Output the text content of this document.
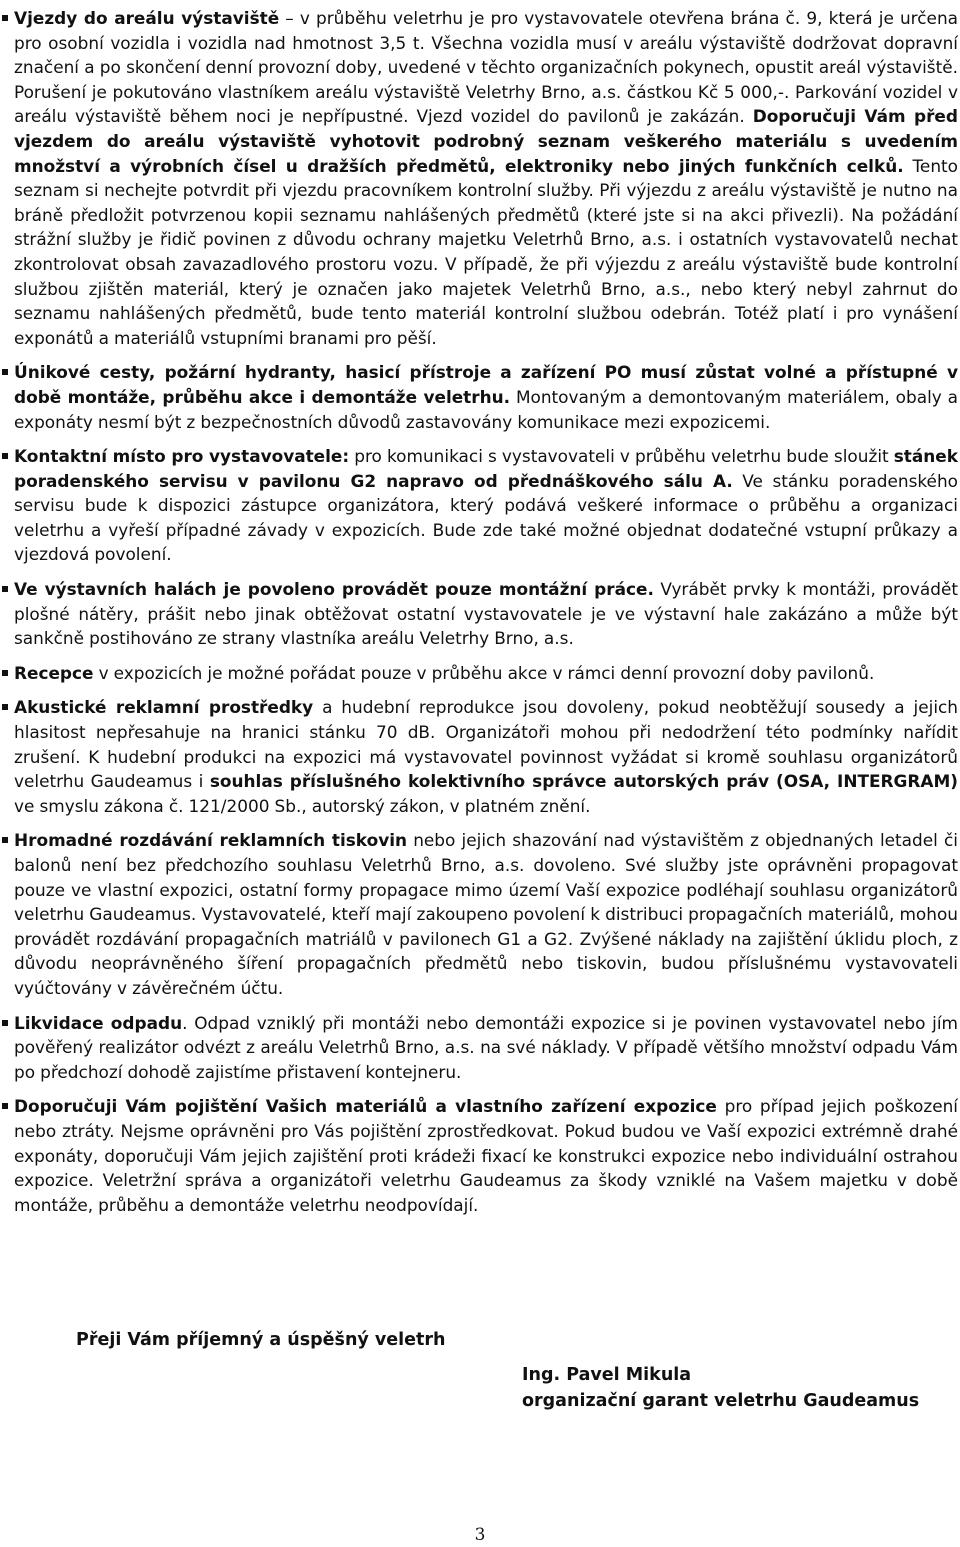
Vjezdy do areálu výstaviště – v průběhu veletrhu je pro vystavovatele otevřena brána č. 9, která je určena pro osobní vozidla i vozidla nad hmotnost 3,5 t. Všechna vozidla musí v areálu výstaviště dodržovat dopravní značení a po skončení denní provozní doby, uvedené v těchto organizačních pokynech, opustit areál výstaviště. Porušení je pokutováno vlastníkem areálu výstaviště Veletrhy Brno, a.s. částkou Kč 5 000,-. Parkování vozidel v areálu výstaviště během noci je nepřípustné. Vjezd vozidel do pavilonů je zakázán. Doporučuji Vám před vjezdem do areálu výstaviště vyhotovit podrobný seznam veškerého materiálu s uvedením množství a výrobních čísel u dražších předmětů, elektroniky nebo jiných funkčních celků. Tento seznam si nechejte potvrdit při vjezdu pracovníkem kontrolní služby. Při výjezdu z areálu výstaviště je nutno na bráně předložit potvrzenou kopii seznamu nahlášených předmětů (které jste si na akci přivezli). Na požádání strážní služby je řidič povinen z důvodu ochrany majetku Veletrhů Brno, a.s. i ostatních vystavovatelů nechat zkontrolovat obsah zavazadlového prostoru vozu. V případě, že při výjezdu z areálu výstaviště bude kontrolní službou zjištěn materiál, který je označen jako majetek Veletrhů Brno, a.s., nebo který nebyl zahrnut do seznamu nahlášených předmětů, bude tento materiál kontrolní službou odebrán. Totéž platí i pro vynášení exponátů a materiálů vstupními branami pro pěší.
Únikové cesty, požární hydranty, hasicí přístroje a zařízení PO musí zůstat volné a přístupné v době montáže, průběhu akce i demontáže veletrhu. Montovaným a demontovaným materiálem, obaly a exponáty nesmí být z bezpečnostních důvodů zastavovány komunikace mezi expozicemi.
Kontaktní místo pro vystavovatele: pro komunikaci s vystavovateli v průběhu veletrhu bude sloužit stánek poradenského servisu v pavilonu G2 napravo od přednáškového sálu A. Ve stánku poradenského servisu bude k dispozici zástupce organizátora, který podává veškeré informace o průběhu a organizaci veletrhu a vyřeší případné závady v expozicích. Bude zde také možné objednat dodatečné vstupní průkazy a vjezdová povolení.
Ve výstavních halách je povoleno provádět pouze montážní práce. Vyrábět prvky k montáži, provádět plošné nátěry, prášit nebo jinak obtěžovat ostatní vystavovatele je ve výstavní hale zakázáno a může být sankčně postihováno ze strany vlastníka areálu Veletrhy Brno, a.s.
Recepce v expozicích je možné pořádat pouze v průběhu akce v rámci denní provozní doby pavilonů.
Akustické reklamní prostředky a hudební reprodukce jsou dovoleny, pokud neobtěžují sousedy a jejich hlasitost nepřesahuje na hranici stánku 70 dB. Organizátoři mohou při nedodržení této podmínky nařídit zrušení. K hudební produkci na expozici má vystavovatel povinnost vyžádat si kromě souhlasu organizátorů veletrhu Gaudeamus i souhlas příslušného kolektivního správce autorských práv (OSA, INTERGRAM) ve smyslu zákona č. 121/2000 Sb., autorský zákon, v platném znění.
Hromadné rozdávání reklamních tiskovin nebo jejich shazování nad výstavištěm z objednaných letadel či balonů není bez předchozího souhlasu Veletrhů Brno, a.s. dovoleno. Své služby jste oprávněni propagovat pouze ve vlastní expozici, ostatní formy propagace mimo území Vaší expozice podléhají souhlasu organizátorů veletrhu Gaudeamus. Vystavovatelé, kteří mají zakoupeno povolení k distribuci propagačních materiálů, mohou provádět rozdávání propagačních matriálů v pavilonech G1 a G2. Zvýšené náklady na zajištění úklidu ploch, z důvodu neoprávněného šíření propagačních předmětů nebo tiskovin, budou příslušnému vystavovateli vyúčtovány v závěrečném účtu.
Likvidace odpadu. Odpad vzniklý při montáži nebo demontáži expozice si je povinen vystavovatel nebo jím pověřený realizátor odvézt z areálu Veletrhů Brno, a.s. na své náklady. V případě většího množství odpadu Vám po předchozí dohodě zajistíme přistavení kontejneru.
Doporučuji Vám pojištění Vašich materiálů a vlastního zařízení expozice pro případ jejich poškození nebo ztráty. Nejsme oprávněni pro Vás pojištění zprostředkovat. Pokud budou ve Vaší expozici extrémně drahé exponáty, doporučuji Vám jejich zajištění proti krádeži fixací ke konstrukci expozice nebo individuální ostrahou expozice. Veletržní správa a organizátoři veletrhu Gaudeamus za škody vzniklé na Vašem majetku v době montáže, průběhu a demontáže veletrhu neodpovídají.
Přeji Vám příjemný a úspěšný veletrh
Ing. Pavel Mikula
organizační garant veletrhu Gaudeamus
3
